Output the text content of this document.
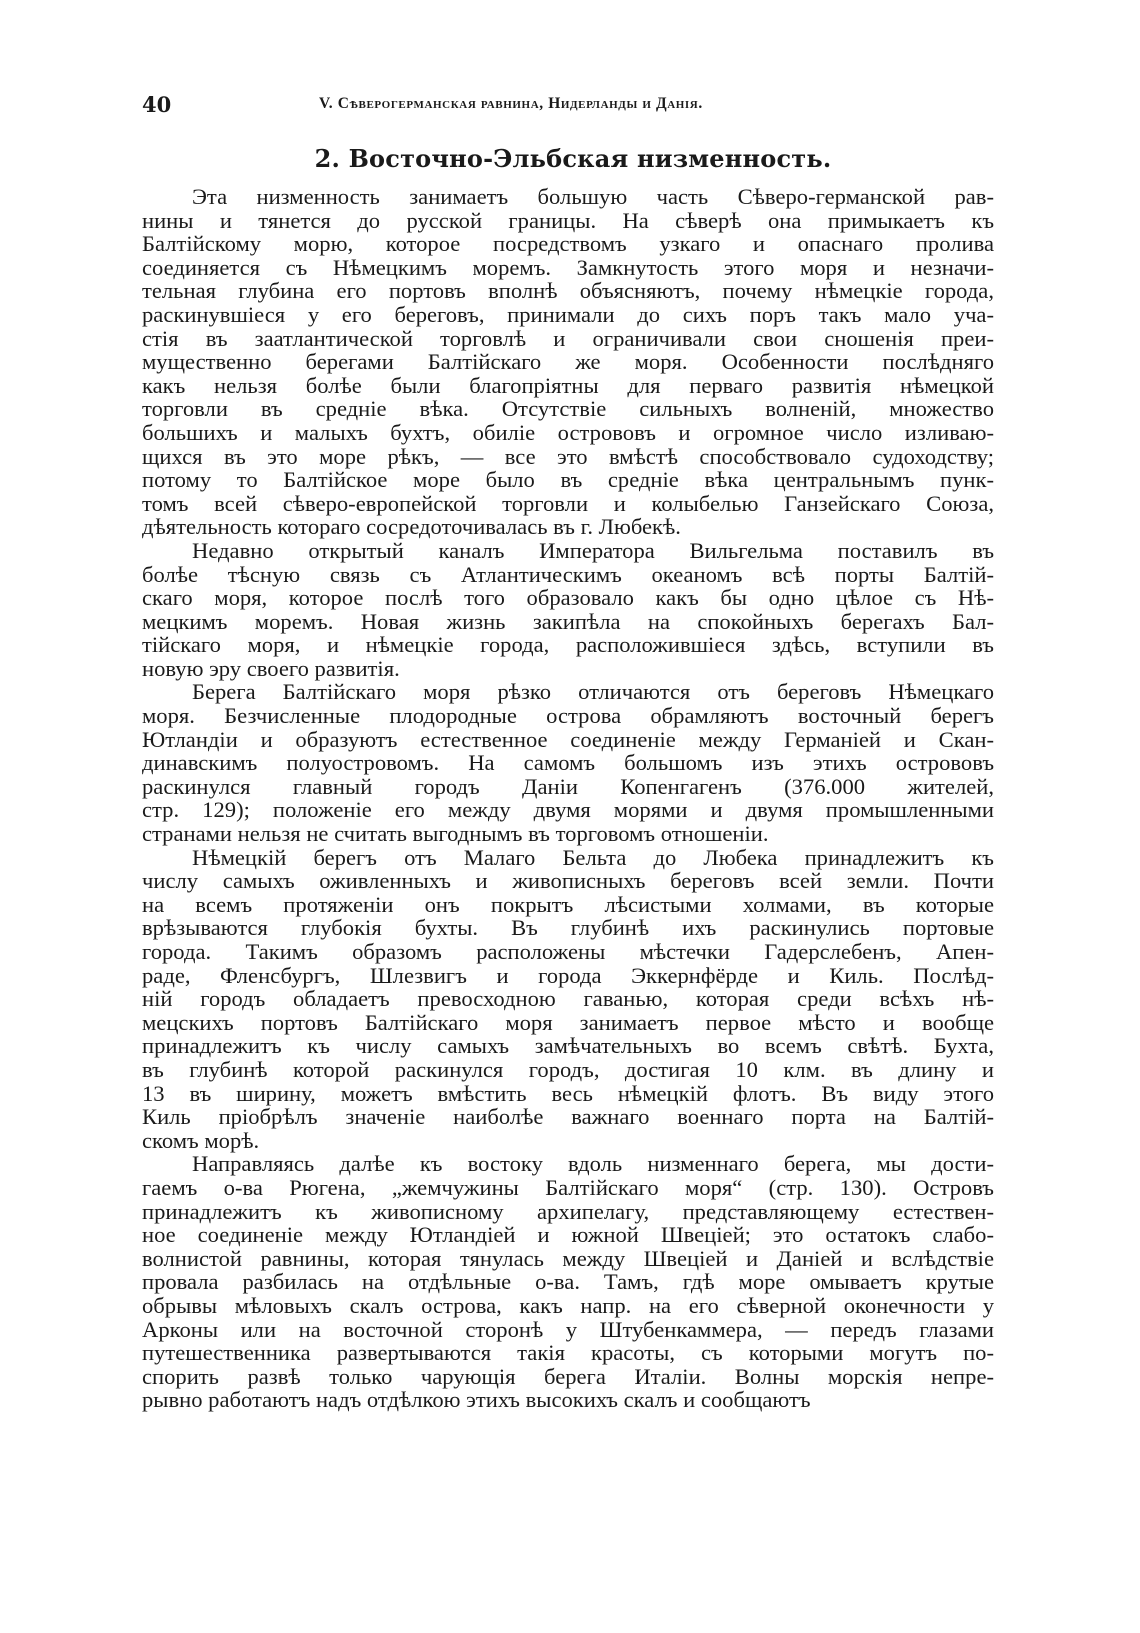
40	V. Сѣверогерманская равнина, Нидерланды и Данія.
2. Восточно-Эльбская низменность.
Эта низменность занимаетъ большую часть Сѣверо-германской рав-
нины и тянется до русской границы. На сѣверѣ она примыкаетъ къ
Балтійскому морю, которое посредствомъ узкаго и опаснаго пролива
соединяется съ Нѣмецкимъ моремъ. Замкнутость этого моря и незначи-
тельная глубина его портовъ вполнѣ объясняютъ, почему нѣмецкіе города,
раскинувшіеся у его береговъ, принимали до сихъ поръ такъ мало уча-
стія въ заатлантической торговлѣ и ограничивали свои сношенія преи-
мущественно берегами Балтійскаго же моря. Особенности послѣдняго
какъ нельзя болѣе были благопріятны для перваго развитія нѣмецкой
торговли въ средніе вѣка. Отсутствіе сильныхъ волненій, множество
большихъ и малыхъ бухтъ, обиліе острововъ и огромное число изливаю-
щихся въ это море рѣкъ, — все это вмѣстѣ способствовало судоходству;
потому то Балтійское море было въ средніе вѣка центральнымъ пунк-
томъ всей сѣверо-европейской торговли и колыбелью Ганзейскаго Союза,
дѣятельность котораго сосредоточивалась въ г. Любекѣ.
Недавно открытый каналъ Императора Вильгельма поставилъ въ
болѣе тѣсную связь съ Атлантическимъ океаномъ всѣ порты Балтій-
скаго моря, которое послѣ того образовало какъ бы одно цѣлое съ Нѣ-
мецкимъ моремъ. Новая жизнь закипѣла на спокойныхъ берегахъ Бал-
тійскаго моря, и нѣмецкіе города, расположившіеся здѣсь, вступили въ
новую эру своего развитія.
Берега Балтійскаго моря рѣзко отличаются отъ береговъ Нѣмецкаго
моря. Безчисленные плодородные острова обрамляютъ восточный берегъ
Ютландіи и образуютъ естественное соединеніе между Германіей и Скан-
динавскимъ полуостровомъ. На самомъ большомъ изъ этихъ острововъ
раскинулся главный городъ Даніи Копенгагенъ (376.000 жителей,
стр. 129); положеніе его между двумя морями и двумя промышленными
странами нельзя не считать выгоднымъ въ торговомъ отношеніи.
Нѣмецкій берегъ отъ Малаго Бельта до Любека принадлежитъ къ
числу самыхъ оживленныхъ и живописныхъ береговъ всей земли. Почти
на всемъ протяженіи онъ покрытъ лѣсистыми холмами, въ которые
врѣзываются глубокія бухты. Въ глубинѣ ихъ раскинулись портовые
города. Такимъ образомъ расположены мѣстечки Гадерслебенъ, Апен-
раде, Фленсбургъ, Шлезвигъ и города Эккернфёрде и Киль. Послѣд-
ній городъ обладаетъ превосходною гаванью, которая среди всѣхъ нѣ-
мецскихъ портовъ Балтійскаго моря занимаетъ первое мѣсто и вообще
принадлежитъ къ числу самыхъ замѣчательныхъ во всемъ свѣтѣ. Бухта,
въ глубинѣ которой раскинулся городъ, достигая 10 клм. въ длину и
13 въ ширину, можетъ вмѣстить весь нѣмецкій флотъ. Въ виду этого
Киль пріобрѣлъ значеніе наиболѣе важнаго военнаго порта на Балтій-
скомъ морѣ.
Направляясь далѣе къ востоку вдоль низменнаго берега, мы дости-
гаемъ о-ва Рюгена, „жемчужины Балтійскаго моря“ (стр. 130). Островъ
принадлежитъ къ живописному архипелагу, представляющему естествен-
ное соединеніе между Ютландіей и южной Швеціей; это остатокъ слабо-
волнистой равнины, которая тянулась между Швеціей и Даніей и вслѣдствіе
провала разбилась на отдѣльные о-ва. Тамъ, гдѣ море омываетъ крутые
обрывы мѣловыхъ скалъ острова, какъ напр. на его сѣверной оконечности у
Арконы или на восточной сторонѣ у Штубенкаммера, — передъ глазами
путешественника развертываются такія красоты, съ которыми могутъ по-
спорить развѣ только чарующія берега Италіи. Волны морскія непре-
рывно работаютъ надъ отдѣлкою этихъ высокихъ скалъ и сообщаютъ
